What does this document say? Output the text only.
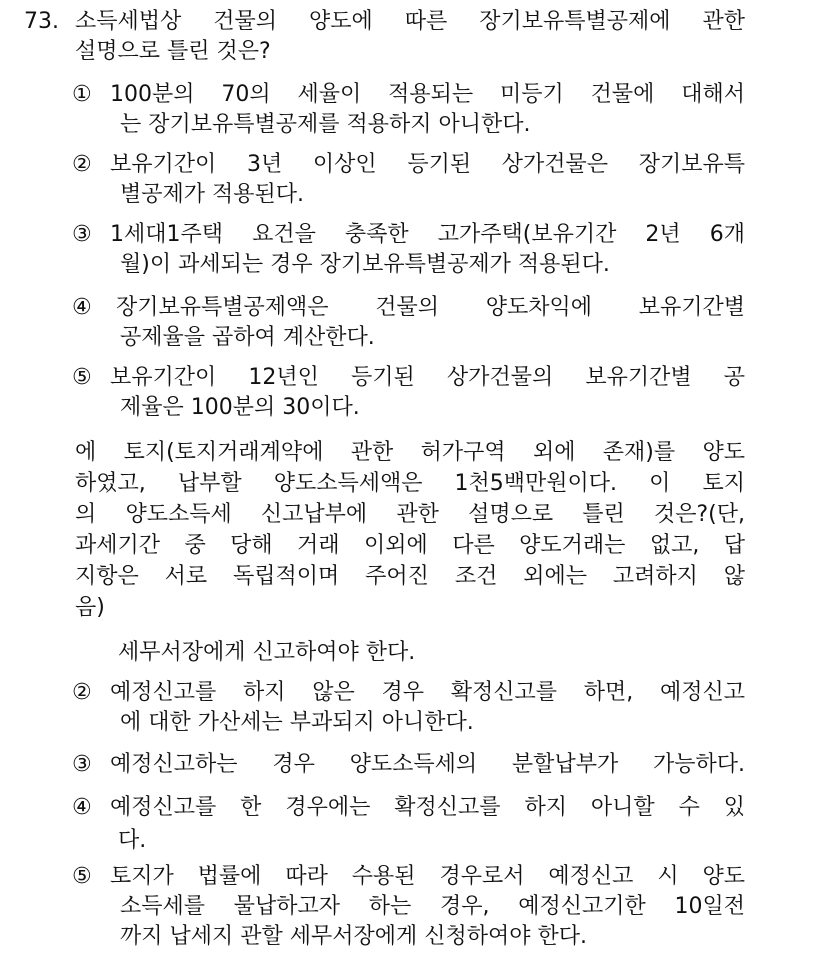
73. 소득세법상 건물의 양도에 따른 장기보유특별공제에 관한
설명으로 틀린 것은?
① 100분의 70의 세율이 적용되는 미등기 건물에 대해서
는 장기보유특별공제를 적용하지 아니한다.
② 보유기간이 3년 이상인 등기된 상가건물은 장기보유특
별공제가 적용된다.
③ 1세대1주택 요건을 충족한 고가주택(보유기간 2년 6개
월)이 과세되는 경우 장기보유특별공제가 적용된다.
④ 장기보유특별공제액은 건물의 양도차익에 보유기간별
공제율을 곱하여 계산한다.
⑤ 보유기간이 12년인 등기된 상가건물의 보유기간별 공
제율은 100분의 30이다.
에 토지(토지거래계약에 관한 허가구역 외에 존재)를 양도
하였고, 납부할 양도소득세액은 1천5백만원이다. 이 토지
의 양도소득세 신고납부에 관한 설명으로 틀린 것은?(단,
과세기간 중 당해 거래 이외에 다른 양도거래는 없고, 답
지항은 서로 독립적이며 주어진 조건 외에는 고려하지 않
음)
세무서장에게 신고하여야 한다.
② 예정신고를 하지 않은 경우 확정신고를 하면, 예정신고
에 대한 가산세는 부과되지 아니한다.
③ 예정신고하는 경우 양도소득세의 분할납부가 가능하다.
④ 예정신고를 한 경우에는 확정신고를 하지 아니할 수 있
다.
⑤ 토지가 법률에 따라 수용된 경우로서 예정신고 시 양도
소득세를 물납하고자 하는 경우, 예정신고기한 10일전
까지 납세지 관할 세무서장에게 신청하여야 한다.
